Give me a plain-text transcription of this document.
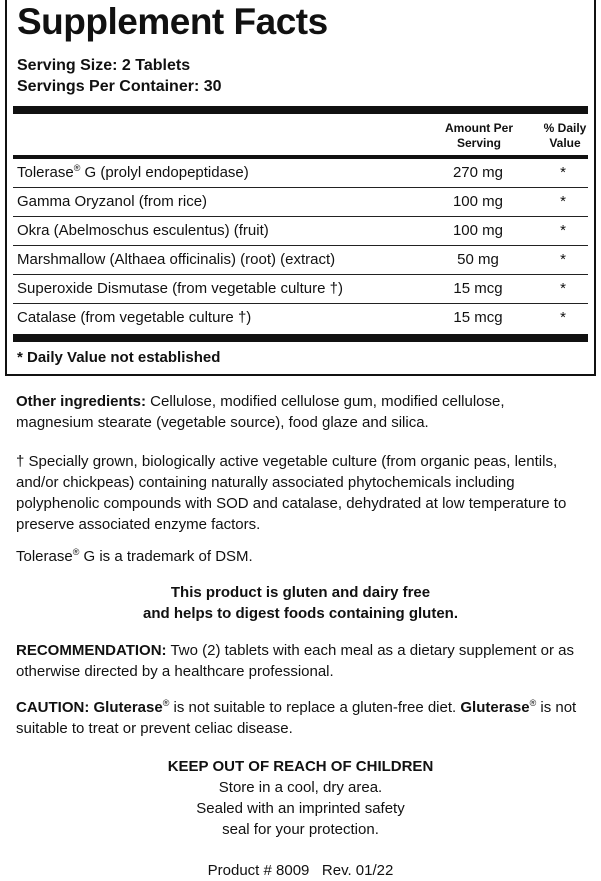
Supplement Facts
Serving Size: 2 Tablets
Servings Per Container: 30
Amount Per
Serving
% Daily
Value
Tolerase® G (prolyl endopeptidase)	270 mg	*
Gamma Oryzanol (from rice)	100 mg	*
Okra (Abelmoschus esculentus) (fruit)	100 mg	*
Marshmallow (Althaea officinalis) (root) (extract)	50 mg	*
Superoxide Dismutase (from vegetable culture †)	15 mcg	*
Catalase (from vegetable culture †)	15 mcg	*
* Daily Value not established
Other ingredients: Cellulose, modified cellulose gum, modified cellulose,
magnesium stearate (vegetable source), food glaze and silica.
† Specially grown, biologically active vegetable culture (from organic peas, lentils,
and/or chickpeas) containing naturally associated phytochemicals including
polyphenolic compounds with SOD and catalase, dehydrated at low temperature to
preserve associated enzyme factors.
Tolerase® G is a trademark of DSM.
This product is gluten and dairy free
and helps to digest foods containing gluten.
RECOMMENDATION: Two (2) tablets with each meal as a dietary supplement or as
otherwise directed by a healthcare professional.
CAUTION: Gluterase® is not suitable to replace a gluten-free diet. Gluterase® is not
suitable to treat or prevent celiac disease.
KEEP OUT OF REACH OF CHILDREN
Store in a cool, dry area.
Sealed with an imprinted safety
seal for your protection.
Product # 8009   Rev. 01/22
